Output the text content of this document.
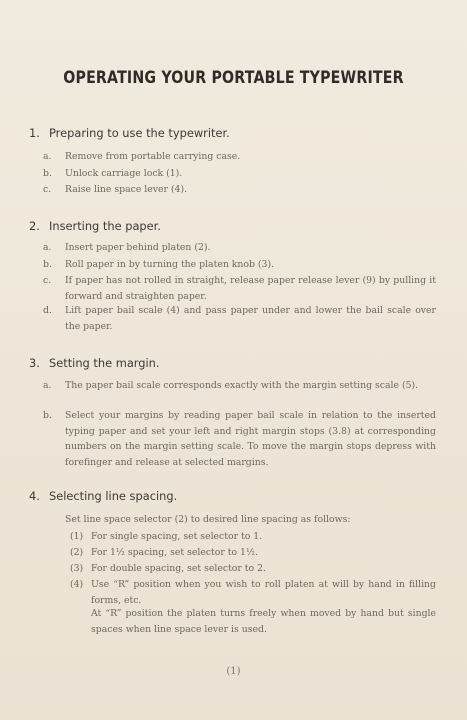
OPERATING YOUR PORTABLE TYPEWRITER
1. Preparing to use the typewriter.
a. Remove from portable carrying case.
b. Unlock carriage lock (1).
c. Raise line space lever (4).
2. Inserting the paper.
a. Insert paper behind platen (2).
b. Roll paper in by turning the platen knob (3).
c. If paper has not rolled in straight, release paper release lever (9) by pulling it forward and straighten paper.
d. Lift paper bail scale (4) and pass paper under and lower the bail scale over the paper.
3. Setting the margin.
a. The paper bail scale corresponds exactly with the margin setting scale (5).
b. Select your margins by reading paper bail scale in relation to the inserted typing paper and set your left and right margin stops (3.8) at corresponding numbers on the margin setting scale. To move the margin stops depress with forefinger and release at selected margins.
4. Selecting line spacing.
Set line space selector (2) to desired line spacing as follows:
(1) For single spacing, set selector to 1.
(2) For 1½ spacing, set selector to 1½.
(3) For double spacing, set selector to 2.
(4) Use “R” position when you wish to roll platen at will by hand in filling forms, etc.
At “R” position the platen turns freely when moved by hand but single spaces when line space lever is used.
(1)
